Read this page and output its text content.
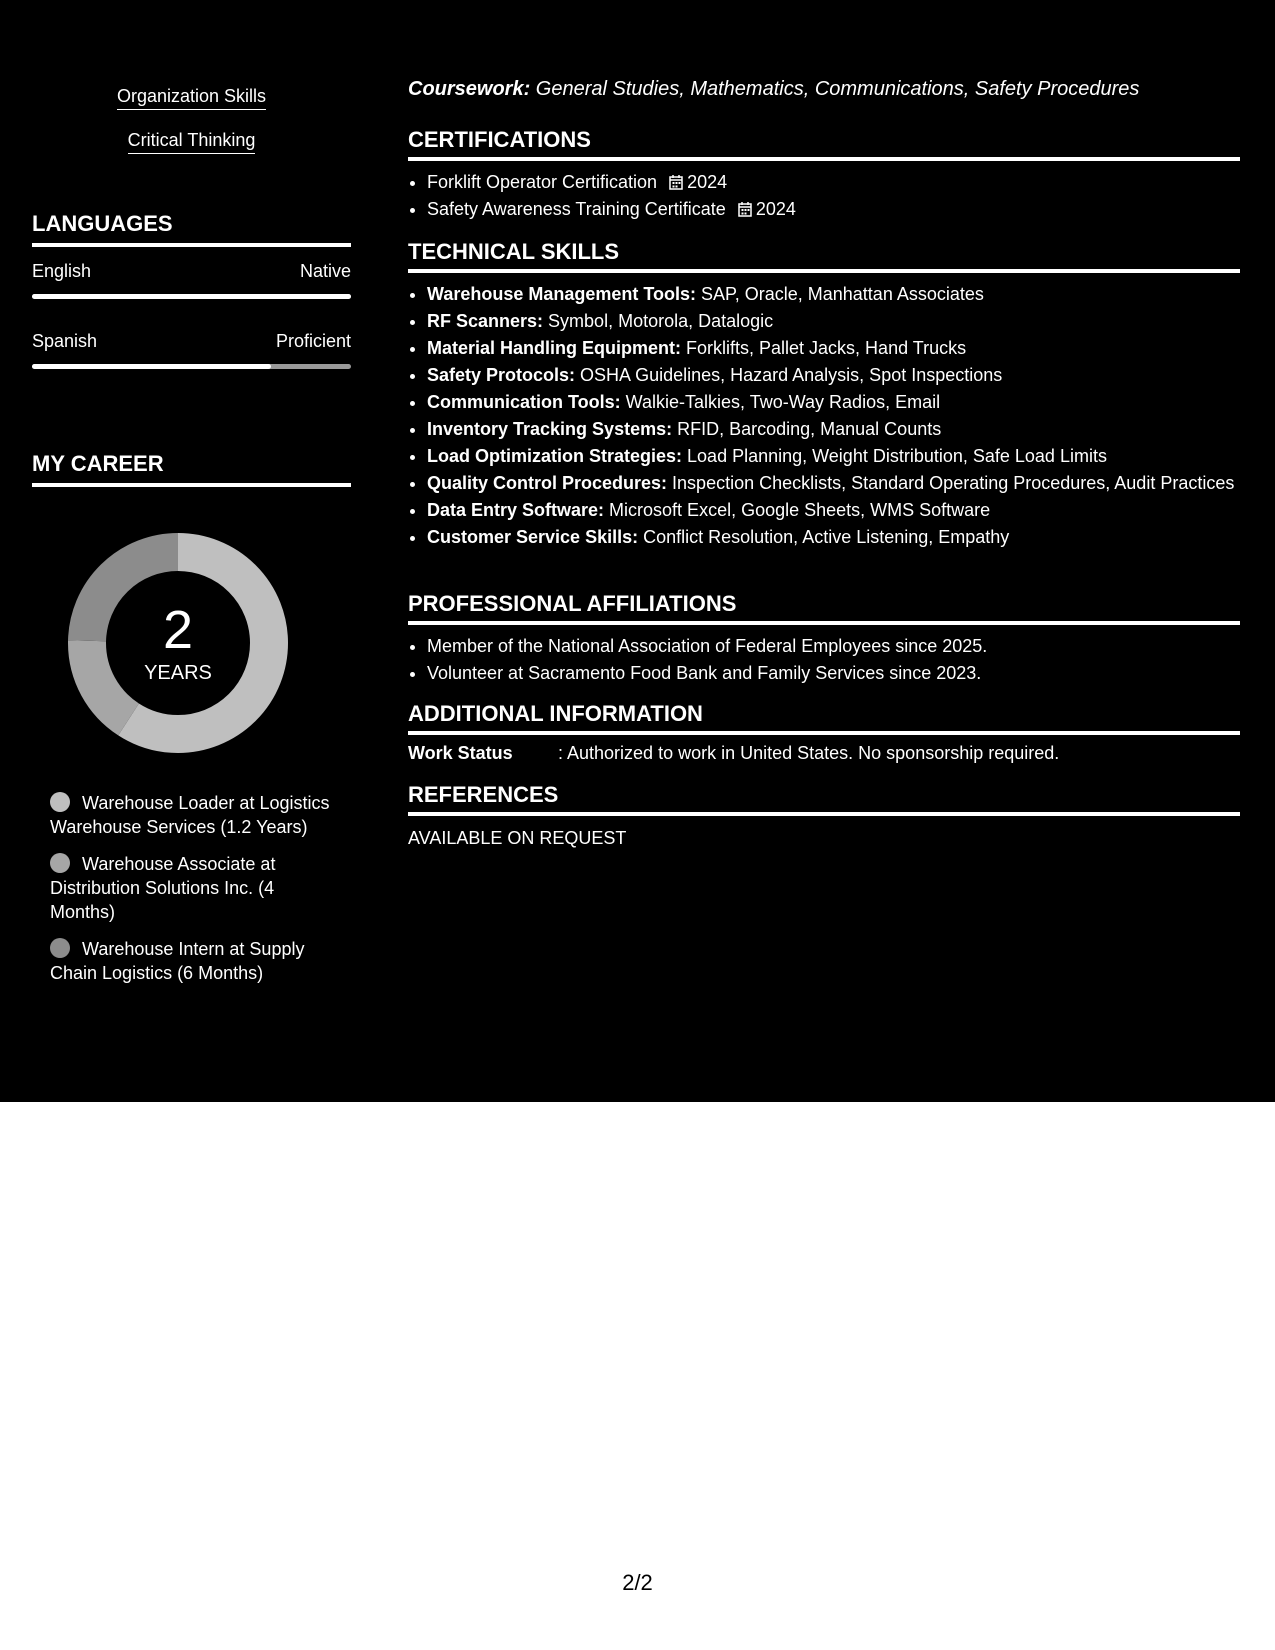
Organization Skills
Critical Thinking
LANGUAGES
English	Native
Spanish	Proficient
MY CAREER
2
YEARS
Warehouse Loader at Logistics Warehouse Services (1.2 Years)
Warehouse Associate at Distribution Solutions Inc. (4 Months)
Warehouse Intern at Supply Chain Logistics (6 Months)
Coursework: General Studies, Mathematics, Communications, Safety Procedures
CERTIFICATIONS
• Forklift Operator Certification 2024
• Safety Awareness Training Certificate 2024
TECHNICAL SKILLS
• Warehouse Management Tools: SAP, Oracle, Manhattan Associates
• RF Scanners: Symbol, Motorola, Datalogic
• Material Handling Equipment: Forklifts, Pallet Jacks, Hand Trucks
• Safety Protocols: OSHA Guidelines, Hazard Analysis, Spot Inspections
• Communication Tools: Walkie-Talkies, Two-Way Radios, Email
• Inventory Tracking Systems: RFID, Barcoding, Manual Counts
• Load Optimization Strategies: Load Planning, Weight Distribution, Safe Load Limits
• Quality Control Procedures: Inspection Checklists, Standard Operating Procedures, Audit Practices
• Data Entry Software: Microsoft Excel, Google Sheets, WMS Software
• Customer Service Skills: Conflict Resolution, Active Listening, Empathy
PROFESSIONAL AFFILIATIONS
• Member of the National Association of Federal Employees since 2025.
• Volunteer at Sacramento Food Bank and Family Services since 2023.
ADDITIONAL INFORMATION
Work Status	: Authorized to work in United States. No sponsorship required.
REFERENCES
AVAILABLE ON REQUEST
2/2
